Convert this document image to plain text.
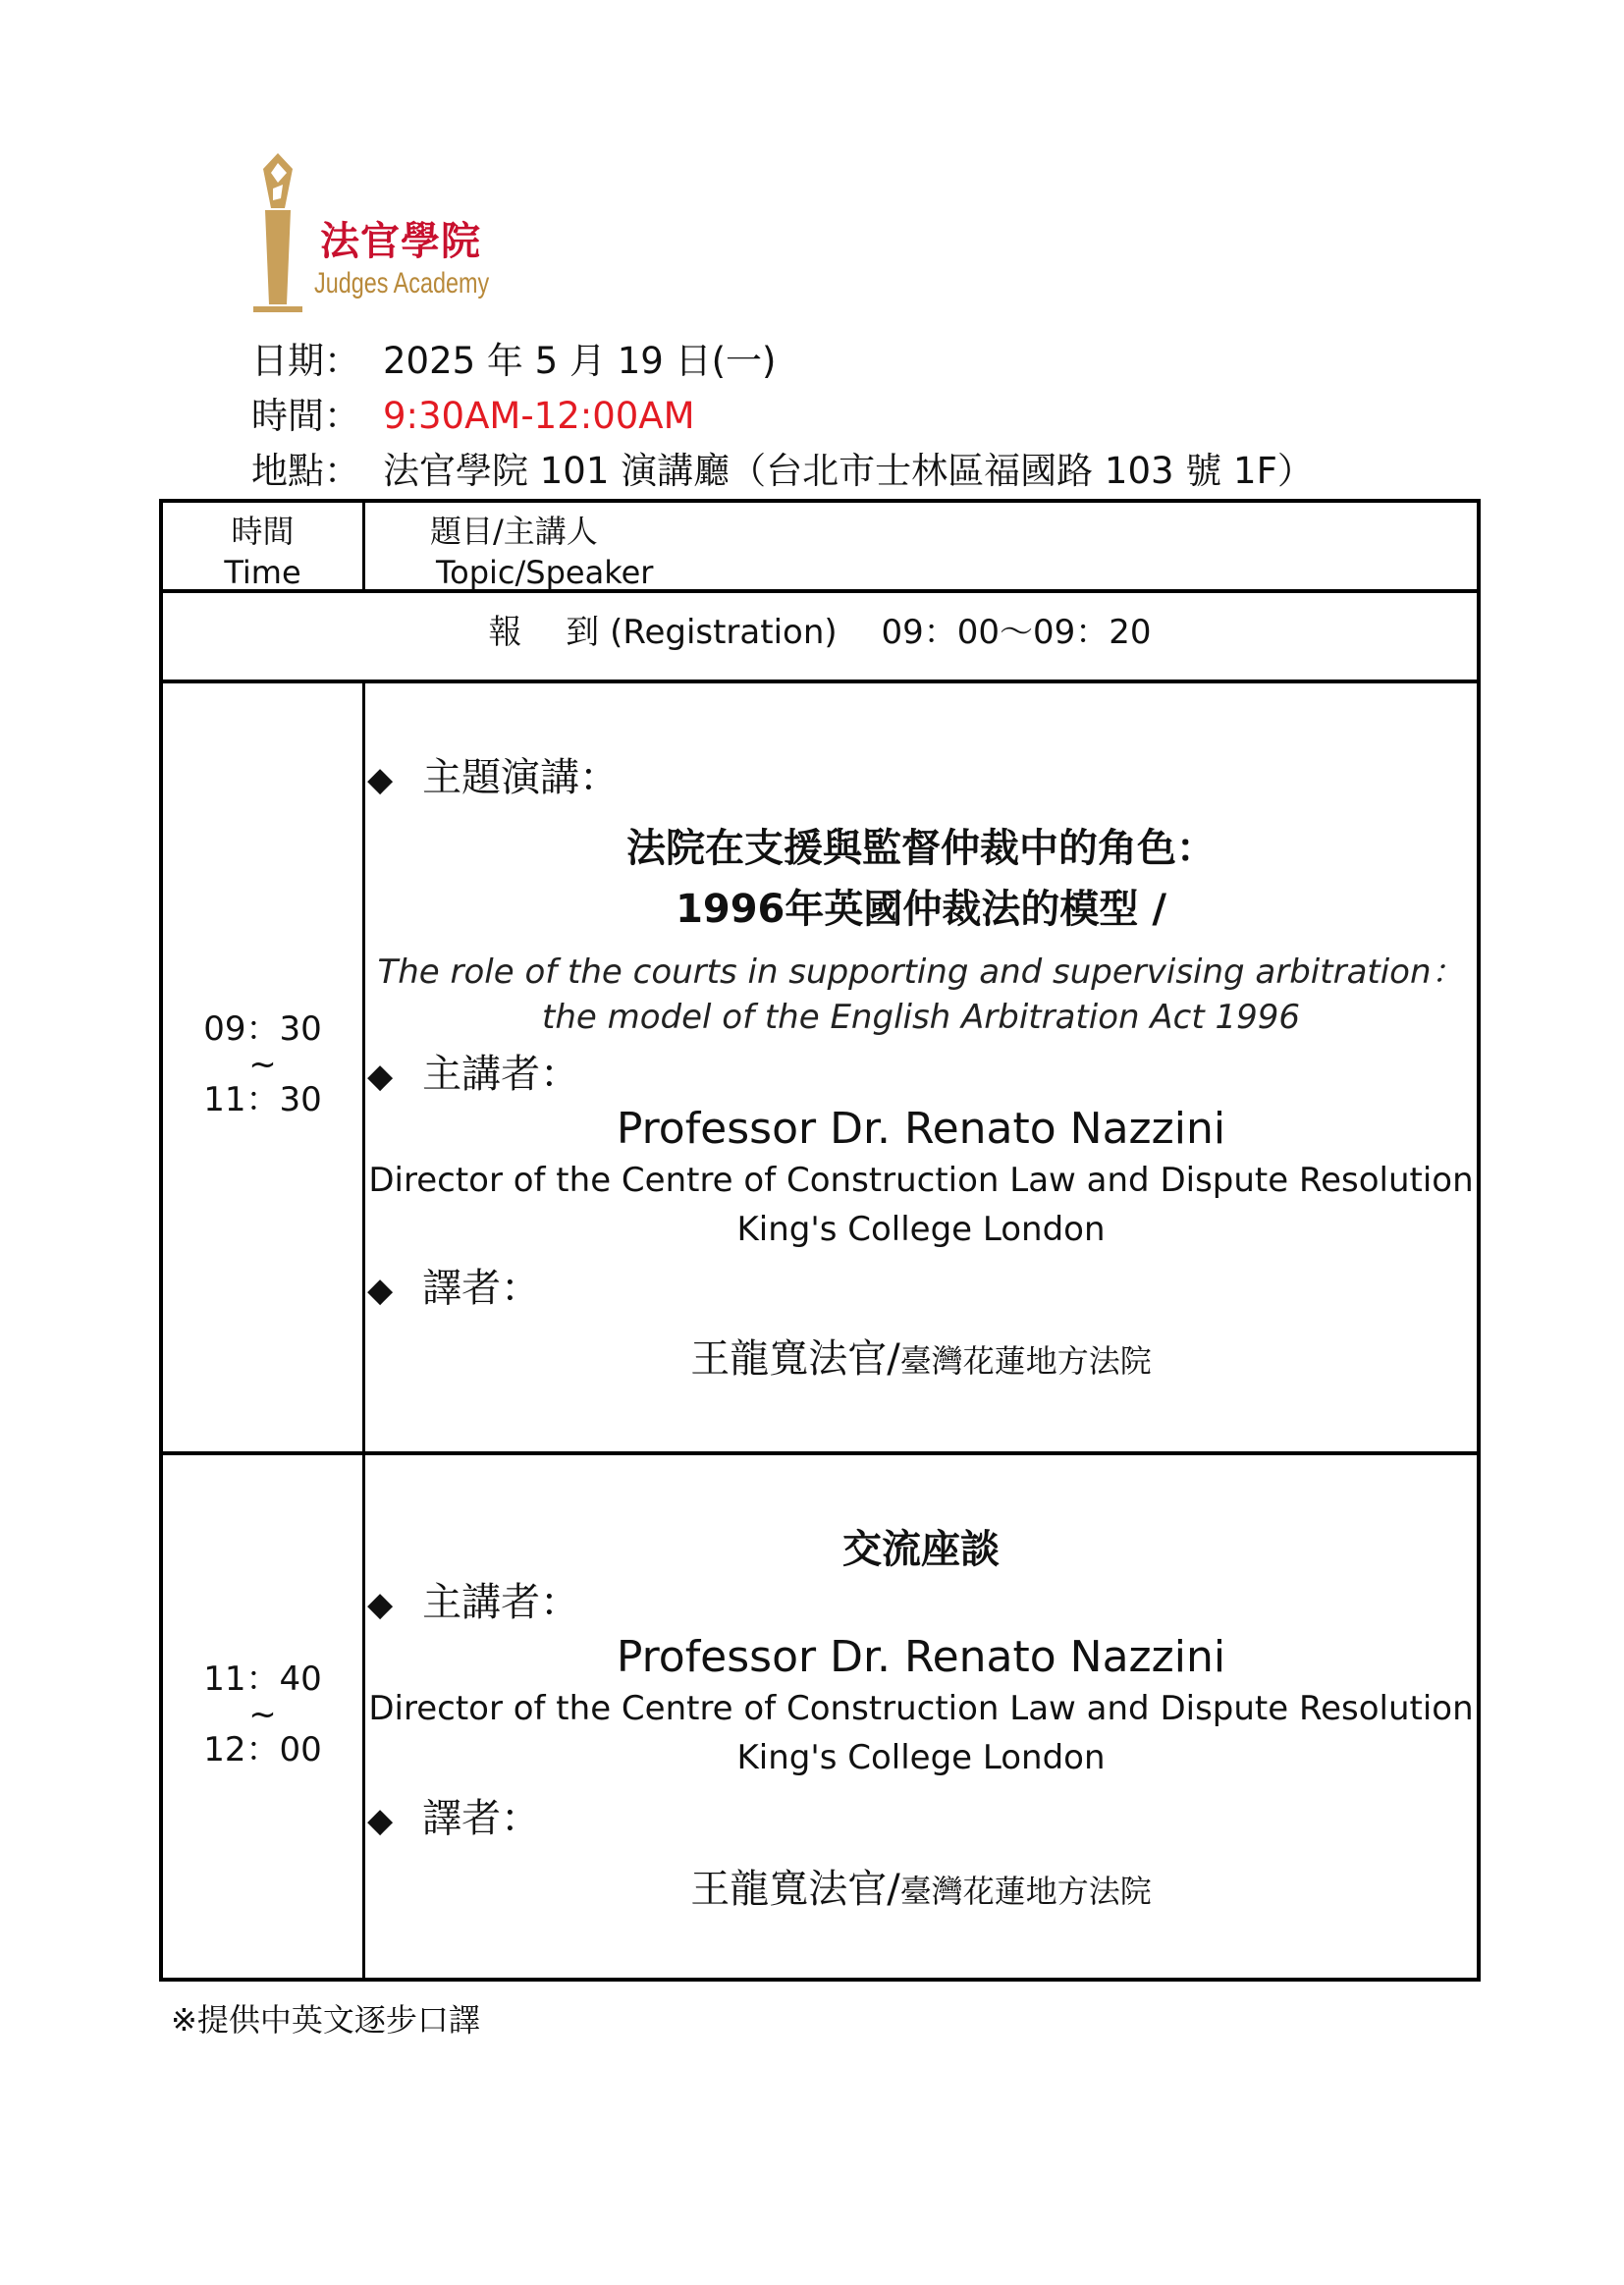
法官學院
Judges Academy
日期： 2025 年 5 月 19 日(一)
時間： 9:30AM-12:00AM
地點： 法官學院 101 演講廳（台北市士林區福國路 103 號 1F）
時間
Time
題目/主講人
Topic/Speaker
報　 到 (Registration)　 09：00～09：20
09：30
~
11：30
◆ 主題演講：
法院在支援與監督仲裁中的角色：
1996年英國仲裁法的模型 /
The role of the courts in supporting and supervising arbitration：
the model of the English Arbitration Act 1996
◆ 主講者：
Professor Dr. Renato Nazzini
Director of the Centre of Construction Law and Dispute Resolution
King's College London
◆ 譯者：
王龍寬法官/臺灣花蓮地方法院
11：40
~
12：00
交流座談
◆ 主講者：
Professor Dr. Renato Nazzini
Director of the Centre of Construction Law and Dispute Resolution
King's College London
◆ 譯者：
王龍寬法官/臺灣花蓮地方法院
※提供中英文逐步口譯
